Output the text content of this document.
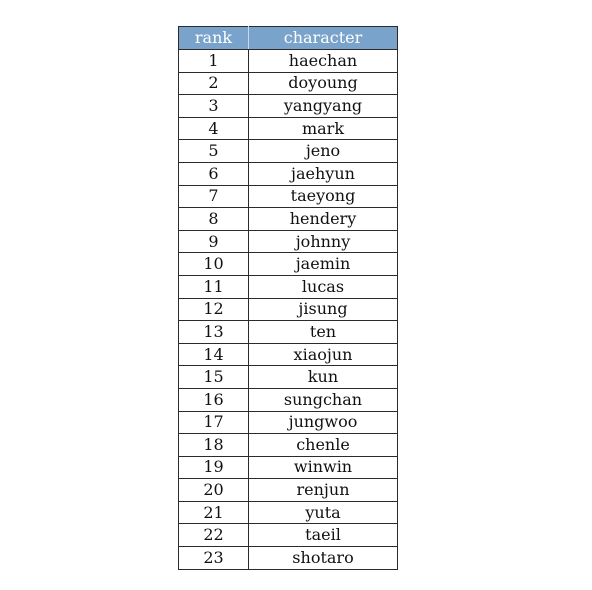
rank	character
1	haechan
2	doyoung
3	yangyang
4	mark
5	jeno
6	jaehyun
7	taeyong
8	hendery
9	johnny
10	jaemin
11	lucas
12	jisung
13	ten
14	xiaojun
15	kun
16	sungchan
17	jungwoo
18	chenle
19	winwin
20	renjun
21	yuta
22	taeil
23	shotaro
